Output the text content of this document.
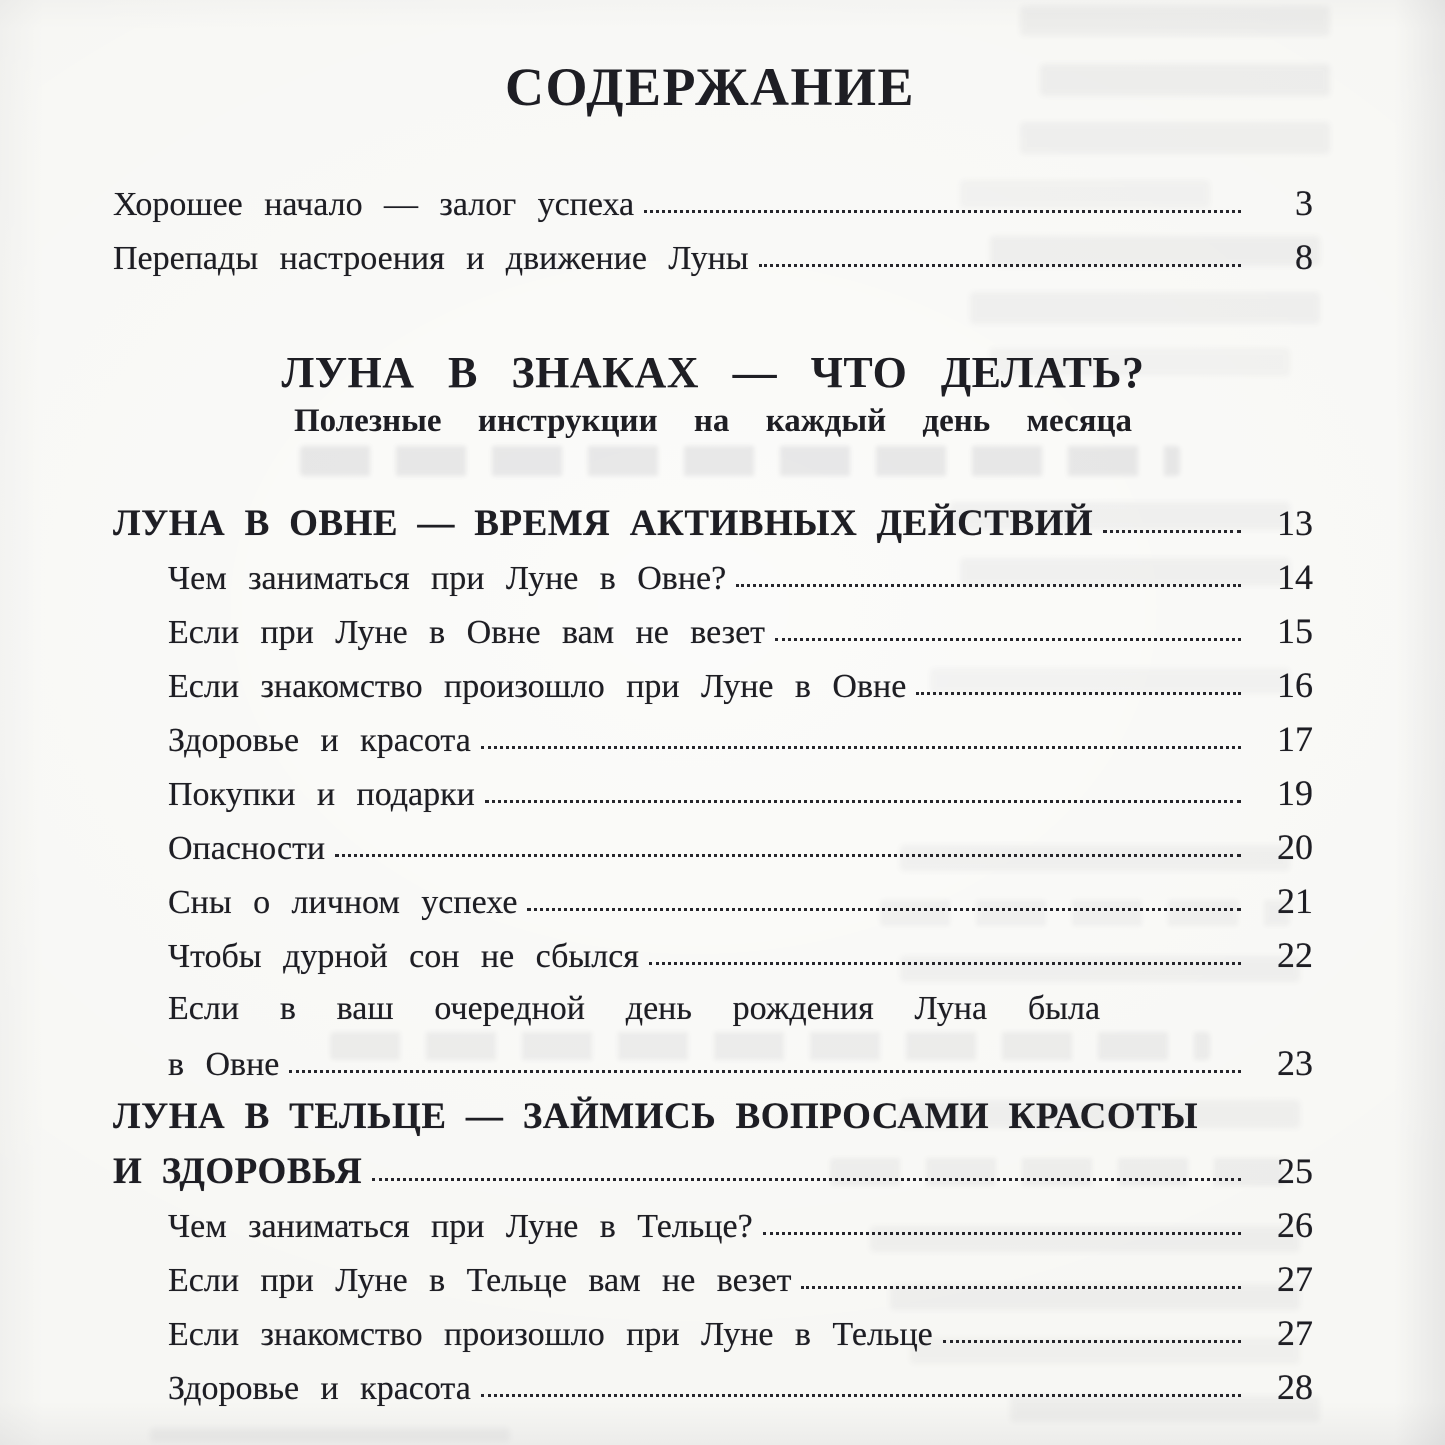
СОДЕРЖАНИЕ
Хорошее начало — залог успеха	3
Перепады настроения и движение Луны	8

ЛУНА В ЗНАКАХ — ЧТО ДЕЛАТЬ?

Полезные инструкции на каждый день месяца

ЛУНА В ОВНЕ — ВРЕМЯ АКТИВНЫХ ДЕЙСТВИЙ	13
Чем заниматься при Луне в Овне?	14
Если при Луне в Овне вам не везет	15
Если знакомство произошло при Луне в Овне	16
Здоровье и красота	17
Покупки и подарки	19
Опасности	20
Сны о личном успехе	21
Чтобы дурной сон не сбылся	22
Если в ваш очередной день рождения Луна была
в Овне	23
ЛУНА В ТЕЛЬЦЕ — ЗАЙМИСЬ ВОПРОСАМИ КРАСОТЫ
И ЗДОРОВЬЯ	25
Чем заниматься при Луне в Тельце?	26
Если при Луне в Тельце вам не везет	27
Если знакомство произошло при Луне в Тельце	27
Здоровье и красота	28
